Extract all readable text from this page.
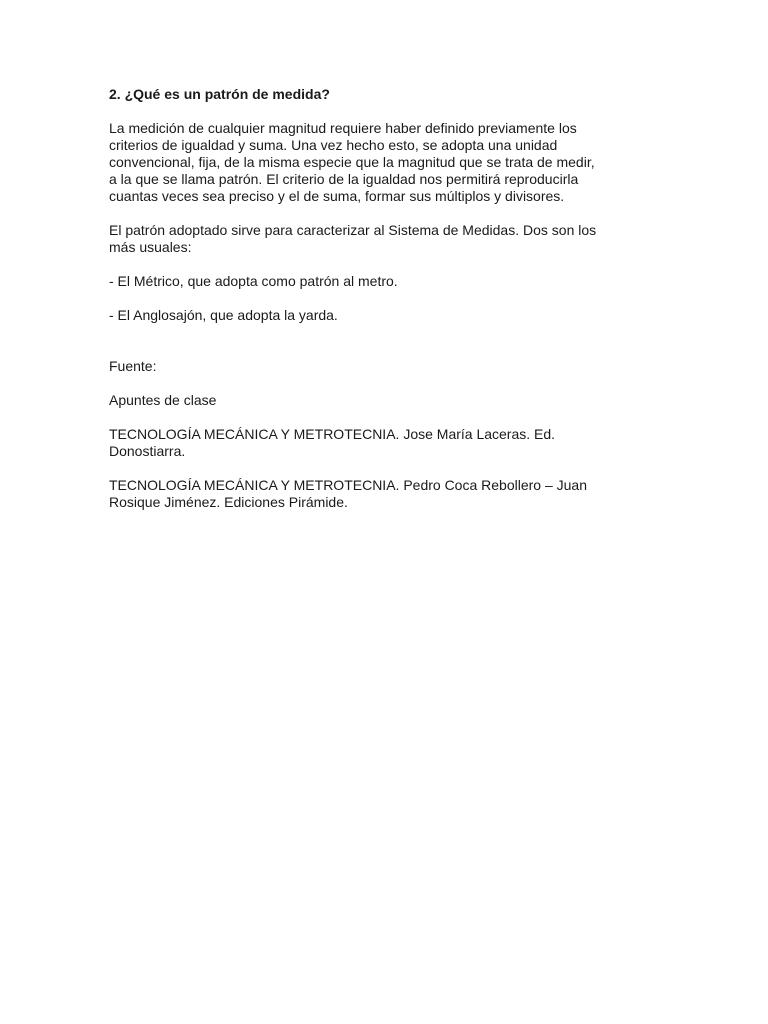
2. ¿Qué es un patrón de medida?
La medición de cualquier magnitud requiere haber definido previamente los
criterios de igualdad y suma. Una vez hecho esto, se adopta una unidad
convencional, fija, de la misma especie que la magnitud que se trata de medir,
a la que se llama patrón. El criterio de la igualdad nos permitirá reproducirla
cuantas veces sea preciso y el de suma, formar sus múltiplos y divisores.
El patrón adoptado sirve para caracterizar al Sistema de Medidas. Dos son los
más usuales:
- El Métrico, que adopta como patrón al metro.
- El Anglosajón, que adopta la yarda.
Fuente:
Apuntes de clase
TECNOLOGÍA MECÁNICA Y METROTECNIA. Jose María Laceras. Ed.
Donostiarra.
TECNOLOGÍA MECÁNICA Y METROTECNIA. Pedro Coca Rebollero – Juan
Rosique Jiménez. Ediciones Pirámide.
